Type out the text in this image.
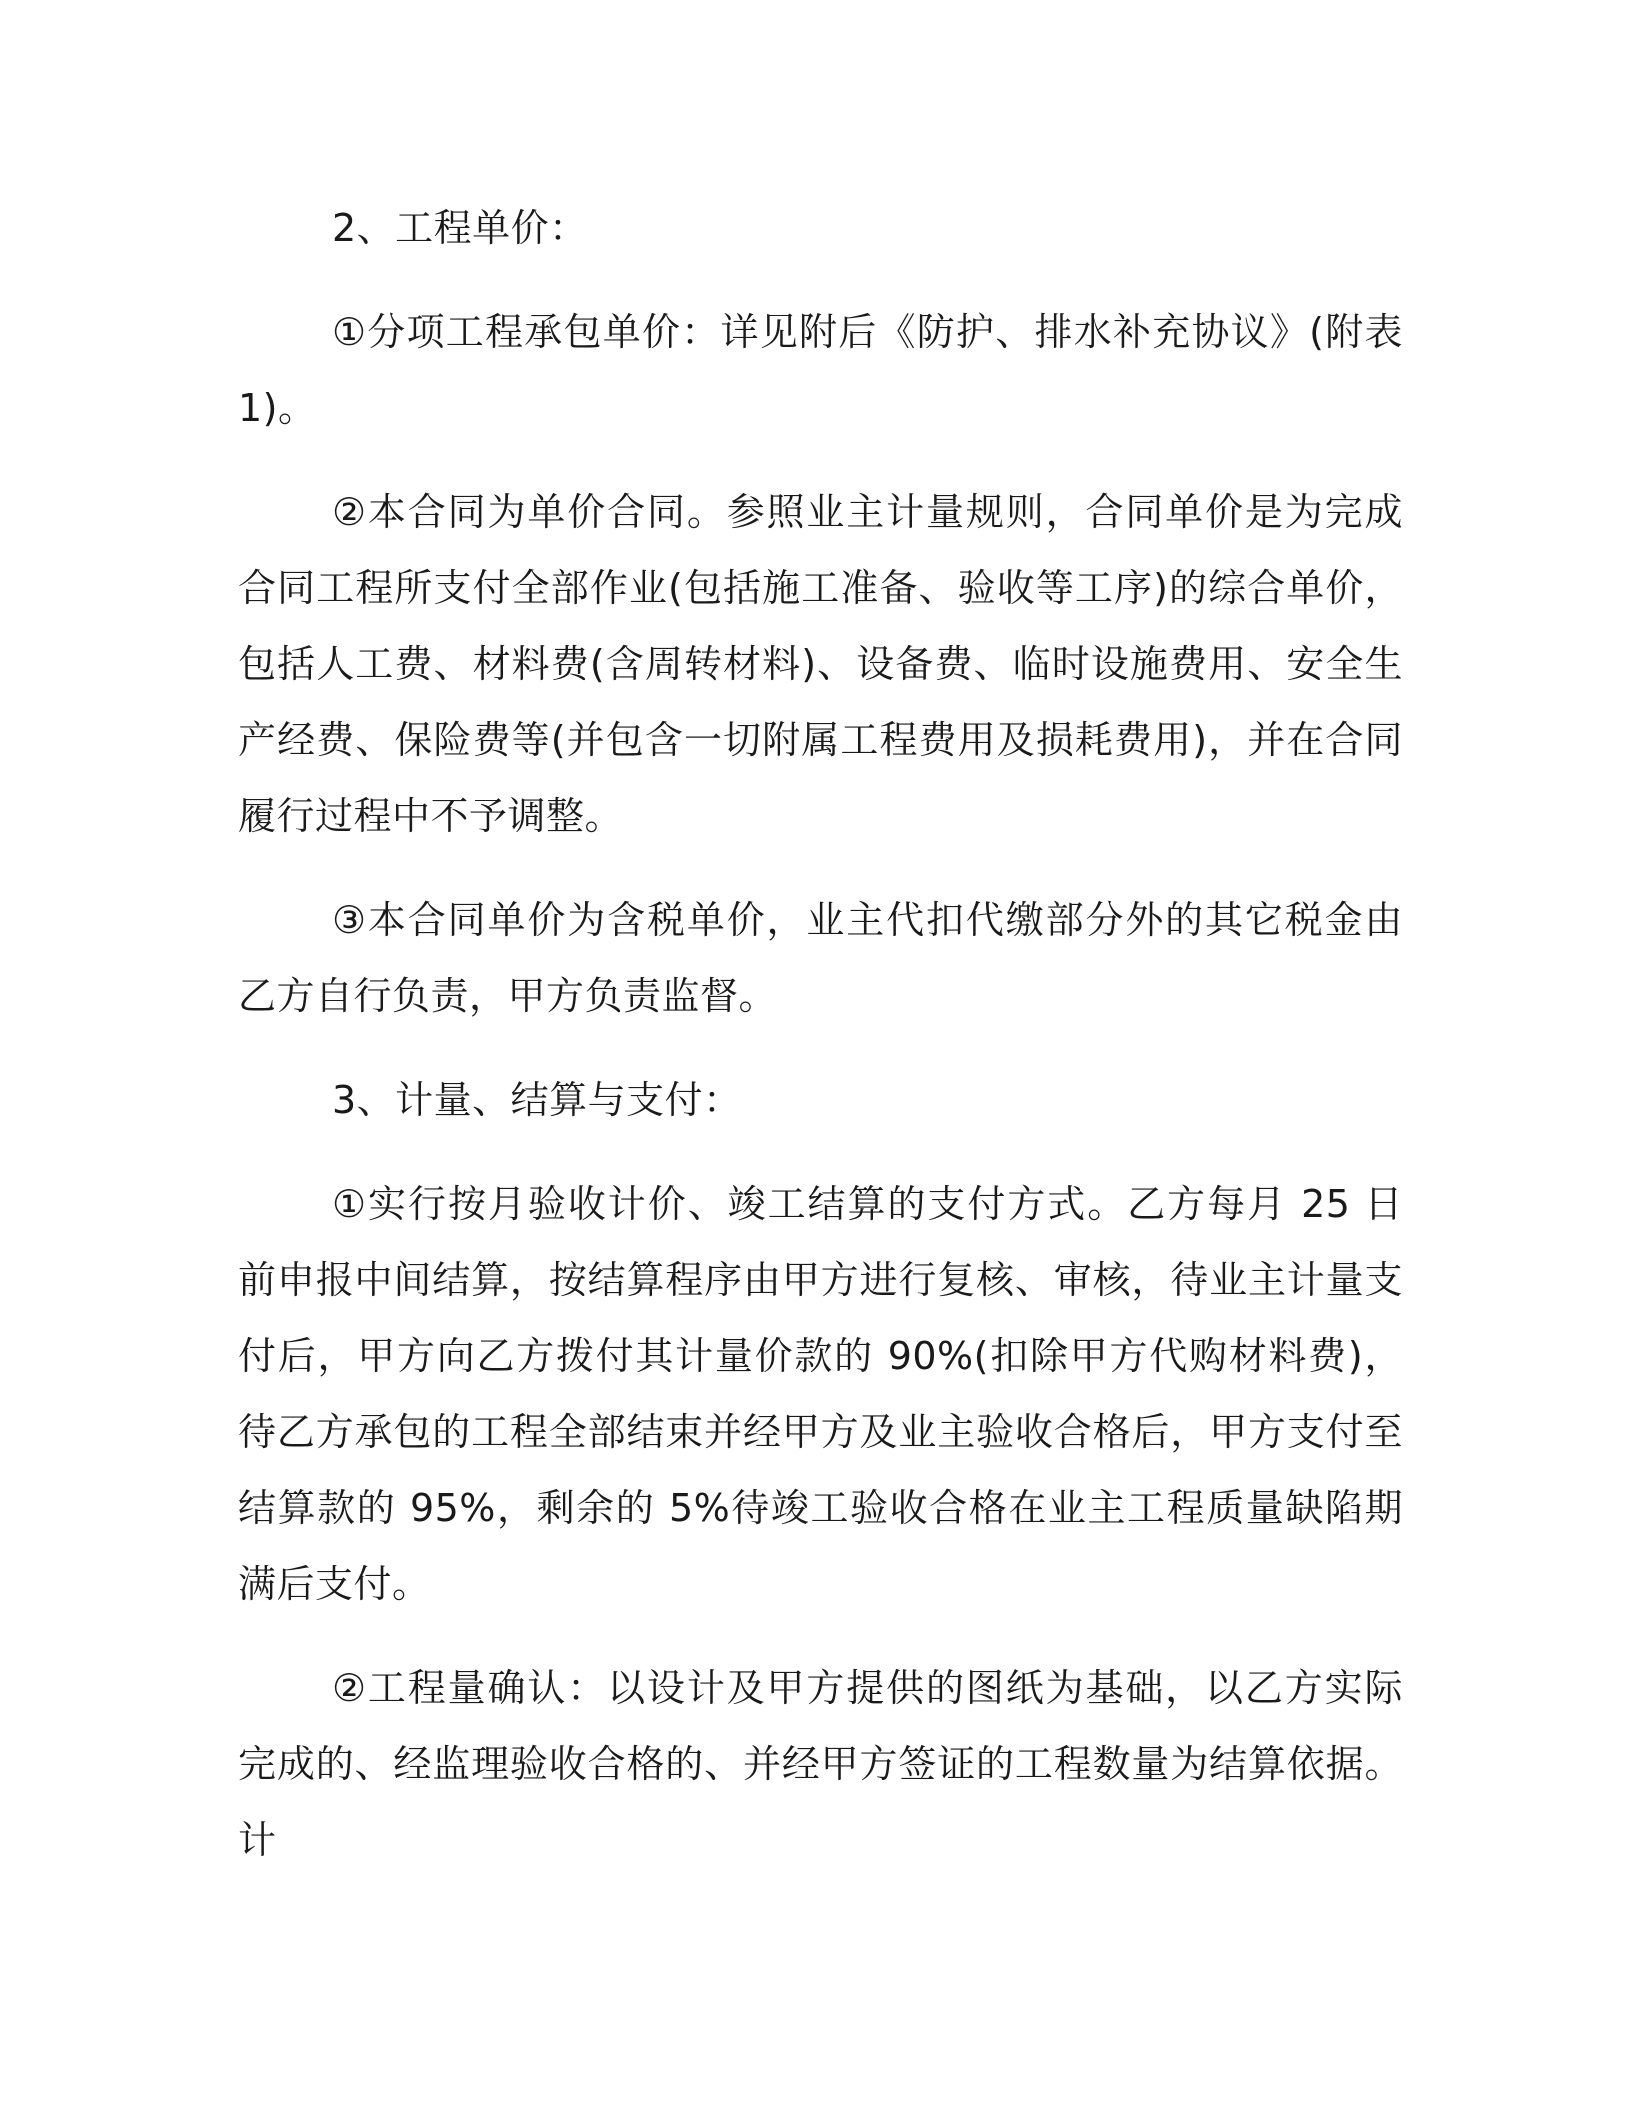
2、工程单价：

①分项工程承包单价：详见附后《防护、排水补充协议》(附表1)。

②本合同为单价合同。参照业主计量规则，合同单价是为完成合同工程所支付全部作业(包括施工准备、验收等工序)的综合单价，包括人工费、材料费(含周转材料)、设备费、临时设施费用、安全生产经费、保险费等(并包含一切附属工程费用及损耗费用)，并在合同履行过程中不予调整。

③本合同单价为含税单价，业主代扣代缴部分外的其它税金由乙方自行负责，甲方负责监督。

3、计量、结算与支付：

①实行按月验收计价、竣工结算的支付方式。乙方每月 25 日前申报中间结算，按结算程序由甲方进行复核、审核，待业主计量支付后，甲方向乙方拨付其计量价款的 90%(扣除甲方代购材料费)，待乙方承包的工程全部结束并经甲方及业主验收合格后，甲方支付至结算款的 95%，剩余的 5%待竣工验收合格在业主工程质量缺陷期满后支付。

②工程量确认：以设计及甲方提供的图纸为基础，以乙方实际完成的、经监理验收合格的、并经甲方签证的工程数量为结算依据。计
